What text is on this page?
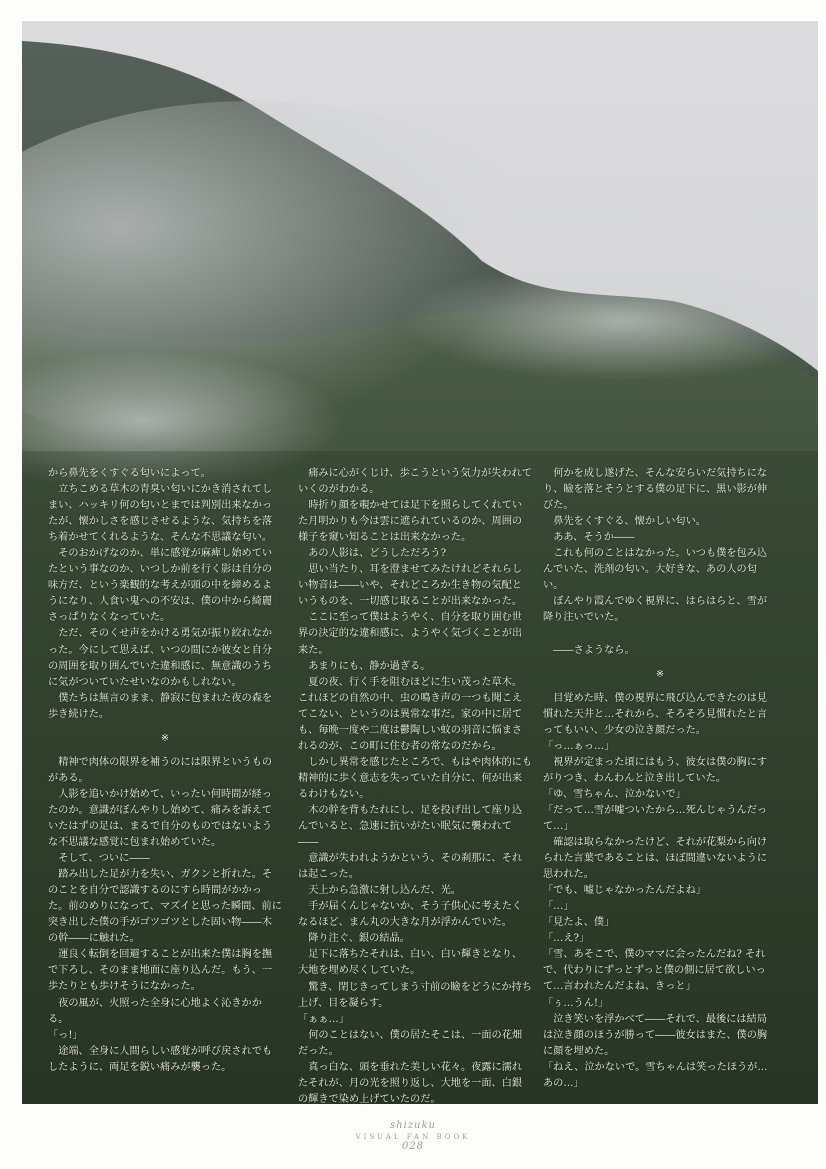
から鼻先をくすぐる匂いによって。

立ちこめる草木の青臭い匂いにかき消されてしまい、ハッキリ何の匂いとまでは判別出来なかったが、懐かしさを感じさせるような、気持ちを落ち着かせてくれるような、そんな不思議な匂い。

そのおかげなのか、単に感覚が麻痺し始めていたという事なのか、いつしか前を行く影は自分の味方だ、という楽観的な考えが頭の中を締めるようになり、人食い鬼への不安は、僕の中から綺麗さっぱりなくなっていた。

ただ、そのくせ声をかける勇気が振り絞れなかった。今にして思えば、いつの間にか彼女と自分の周囲を取り囲んでいた違和感に、無意識のうちに気がついていたせいなのかもしれない。

僕たちは無言のまま、静寂に包まれた夜の森を歩き続けた。

※

精神で肉体の限界を補うのには限界というものがある。

人影を追いかけ始めて、いったい何時間が経ったのか。意識がぼんやりし始めて、痛みを訴えていたはずの足は、まるで自分のものではないような不思議な感覚に包まれ始めていた。

そして、ついに――

踏み出した足が力を失い、ガクンと折れた。そのことを自分で認識するのにすら時間がかかった。前のめりになって、マズイと思った瞬間、前に突き出した僕の手がゴツゴツとした固い物――木の幹――に触れた。

運良く転倒を回避することが出来た僕は胸を撫で下ろし、そのまま地面に座り込んだ。もう、一歩たりとも歩けそうになかった。

夜の風が、火照った全身に心地よく沁きかかる。

「っ!」

途端、全身に人間らしい感覚が呼び戻されでもしたように、両足を鋭い痛みが襲った。

痛みに心がくじけ、歩こうという気力が失われていくのがわかる。

時折り顔を覗かせては足下を照らしてくれていた月明かりも今は雲に遮られているのか、周囲の様子を窺い知ることは出来なかった。

あの人影は、どうしただろう?

思い当たり、耳を澄ませてみたけれどそれらしい物音は――いや、それどころか生き物の気配というものを、一切感じ取ることが出来なかった。

ここに至って僕はようやく、自分を取り囲む世界の決定的な違和感に、ようやく気づくことが出来た。

あまりにも、静か過ぎる。

夏の夜、行く手を阻むほどに生い茂った草木。これほどの自然の中、虫の鳴き声の一つも聞こえてこない、というのは異常な事だ。家の中に居ても、毎晩一度や二度は鬱陶しい蚊の羽音に悩まされるのが、この町に住む者の常なのだから。

しかし異常を感じたところで、もはや肉体的にも精神的に歩く意志を失っていた自分に、何が出来るわけもない。

木の幹を背もたれにし、足を投げ出して座り込んでいると、急速に抗いがたい眠気に襲われて――

意識が失われようかという、その刹那に、それは起こった。

天上から急激に射し込んだ、光。

手が届くんじゃないか、そう子供心に考えたくなるほど、まん丸の大きな月が浮かんでいた。

降り注ぐ、銀の結晶。

足下に落ちたそれは、白い、白い輝きとなり、大地を埋め尽くしていた。

驚き、閉じきってしまう寸前の瞼をどうにか持ち上げ、目を凝らす。

「ぁぁ…」

何のことはない、僕の居たそこは、一面の花畑だった。

真っ白な、頭を垂れた美しい花々。夜露に濡れたそれが、月の光を照り返し、大地を一面、白銀の輝きで染め上げていたのだ。

何かを成し遂げた、そんな安らいだ気持ちになり、瞼を落とそうとする僕の足下に、黒い影が伸びた。

鼻先をくすぐる、懐かしい匂い。

ああ、そうか――

これも何のことはなかった。いつも僕を包み込んでいた、洗剤の匂い。大好きな、あの人の匂い。

ぼんやり霞んでゆく視界に、はらはらと、雪が降り注いでいた。

――さようなら。

※

目覚めた時、僕の視界に飛び込んできたのは見慣れた天井と…それから、そろそろ見慣れたと言ってもいい、少女の泣き顔だった。

「っ…ぁっ…」

視界が定まった頃にはもう、彼女は僕の胸にすがりつき、わんわんと泣き出していた。

「ゆ、雪ちゃん、泣かないで」

「だって…雪が嘘ついたから…死んじゃうんだって…」

確認は取らなかったけど、それが花梨から向けられた言葉であることは、ほぼ間違いないように思われた。

「でも、嘘じゃなかったんだよね」

「…」

「見たよ、僕」

「…え?」

「雪、あそこで、僕のママに会ったんだね? それで、代わりにずっとずっと僕の側に居て欲しいって…言われたんだよね、きっと」

「ぅ…うん!」

泣き笑いを浮かべて――それで、最後には結局は泣き顔のほうが勝って――彼女はまた、僕の胸に顔を埋めた。

「ねえ、泣かないで。雪ちゃんは笑ったほうが…あの…」

shizuku
VISUAL FAN BOOK
028
